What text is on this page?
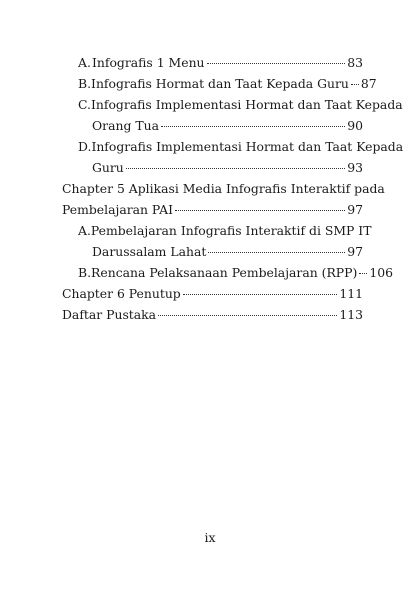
A. Infografis 1 Menu	83
B. Infografis Hormat dan Taat Kepada Guru 87
C. Infografis Implementasi Hormat dan Taat Kepada
Orang Tua	90
D. Infografis Implementasi Hormat dan Taat Kepada
Guru	93
Chapter 5 Aplikasi Media Infografis Interaktif pada
Pembelajaran PAI	97
A. Pembelajaran Infografis Interaktif di SMP IT
Darussalam Lahat	97
B. Rencana Pelaksanaan Pembelajaran (RPP) 106
Chapter 6 Penutup	111
Daftar Pustaka	113
ix
